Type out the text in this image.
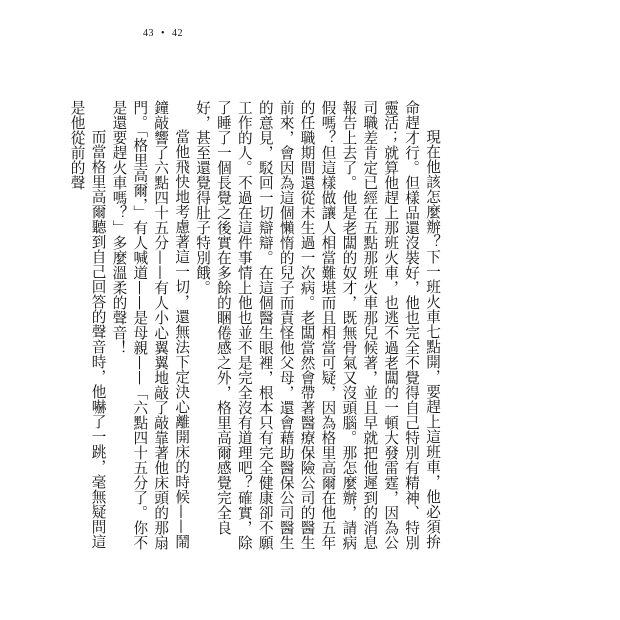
43 • 42

現在他該怎麼辦？下一班火車七點開，要趕上這班車，他必須拚命趕才行。但樣品還沒裝好，他也完全不覺得自己特別有精神、特別靈活；就算他趕上那班火車，也逃不過老闆的一頓大發雷霆，因為公司職差肯定已經在五點那班火車那兒候著，並且早就把他遲到的消息報告上去了。他是老闆的奴才，既無骨氣又沒頭腦。那怎麼辦，請病假嗎？但這樣做讓人相當難堪而且相當可疑，因為格里高爾在他五年的任職期間還從未生過一次病。老闆當然會帶著醫療保險公司的醫生前來，會因為這個懶惰的兒子而責怪他父母，還會藉助醫保公司醫生的意見，駁回一切辯辯。在這個醫生眼裡，根本只有完全健康卻不願工作的人。不過在這件事情上他也並不是完全沒有道理吧？確實，除了睡了一個長覺之後實在多餘的睏倦感之外，格里高爾感覺完全良好，甚至還覺得肚子特別餓。

當他飛快地考慮著這一切，還無法下定決心離開床的時候——鬧鐘敲響了六點四十五分——有人小心翼翼地敲了敲靠著他床頭的那扇門。「格里高爾，」有人喊道——是母親——「六點四十五分了。你不是還要趕火車嗎？」多麼溫柔的聲音！

而當格里高爾聽到自己回答的聲音時，他嚇了一跳，毫無疑問這是他從前的聲
